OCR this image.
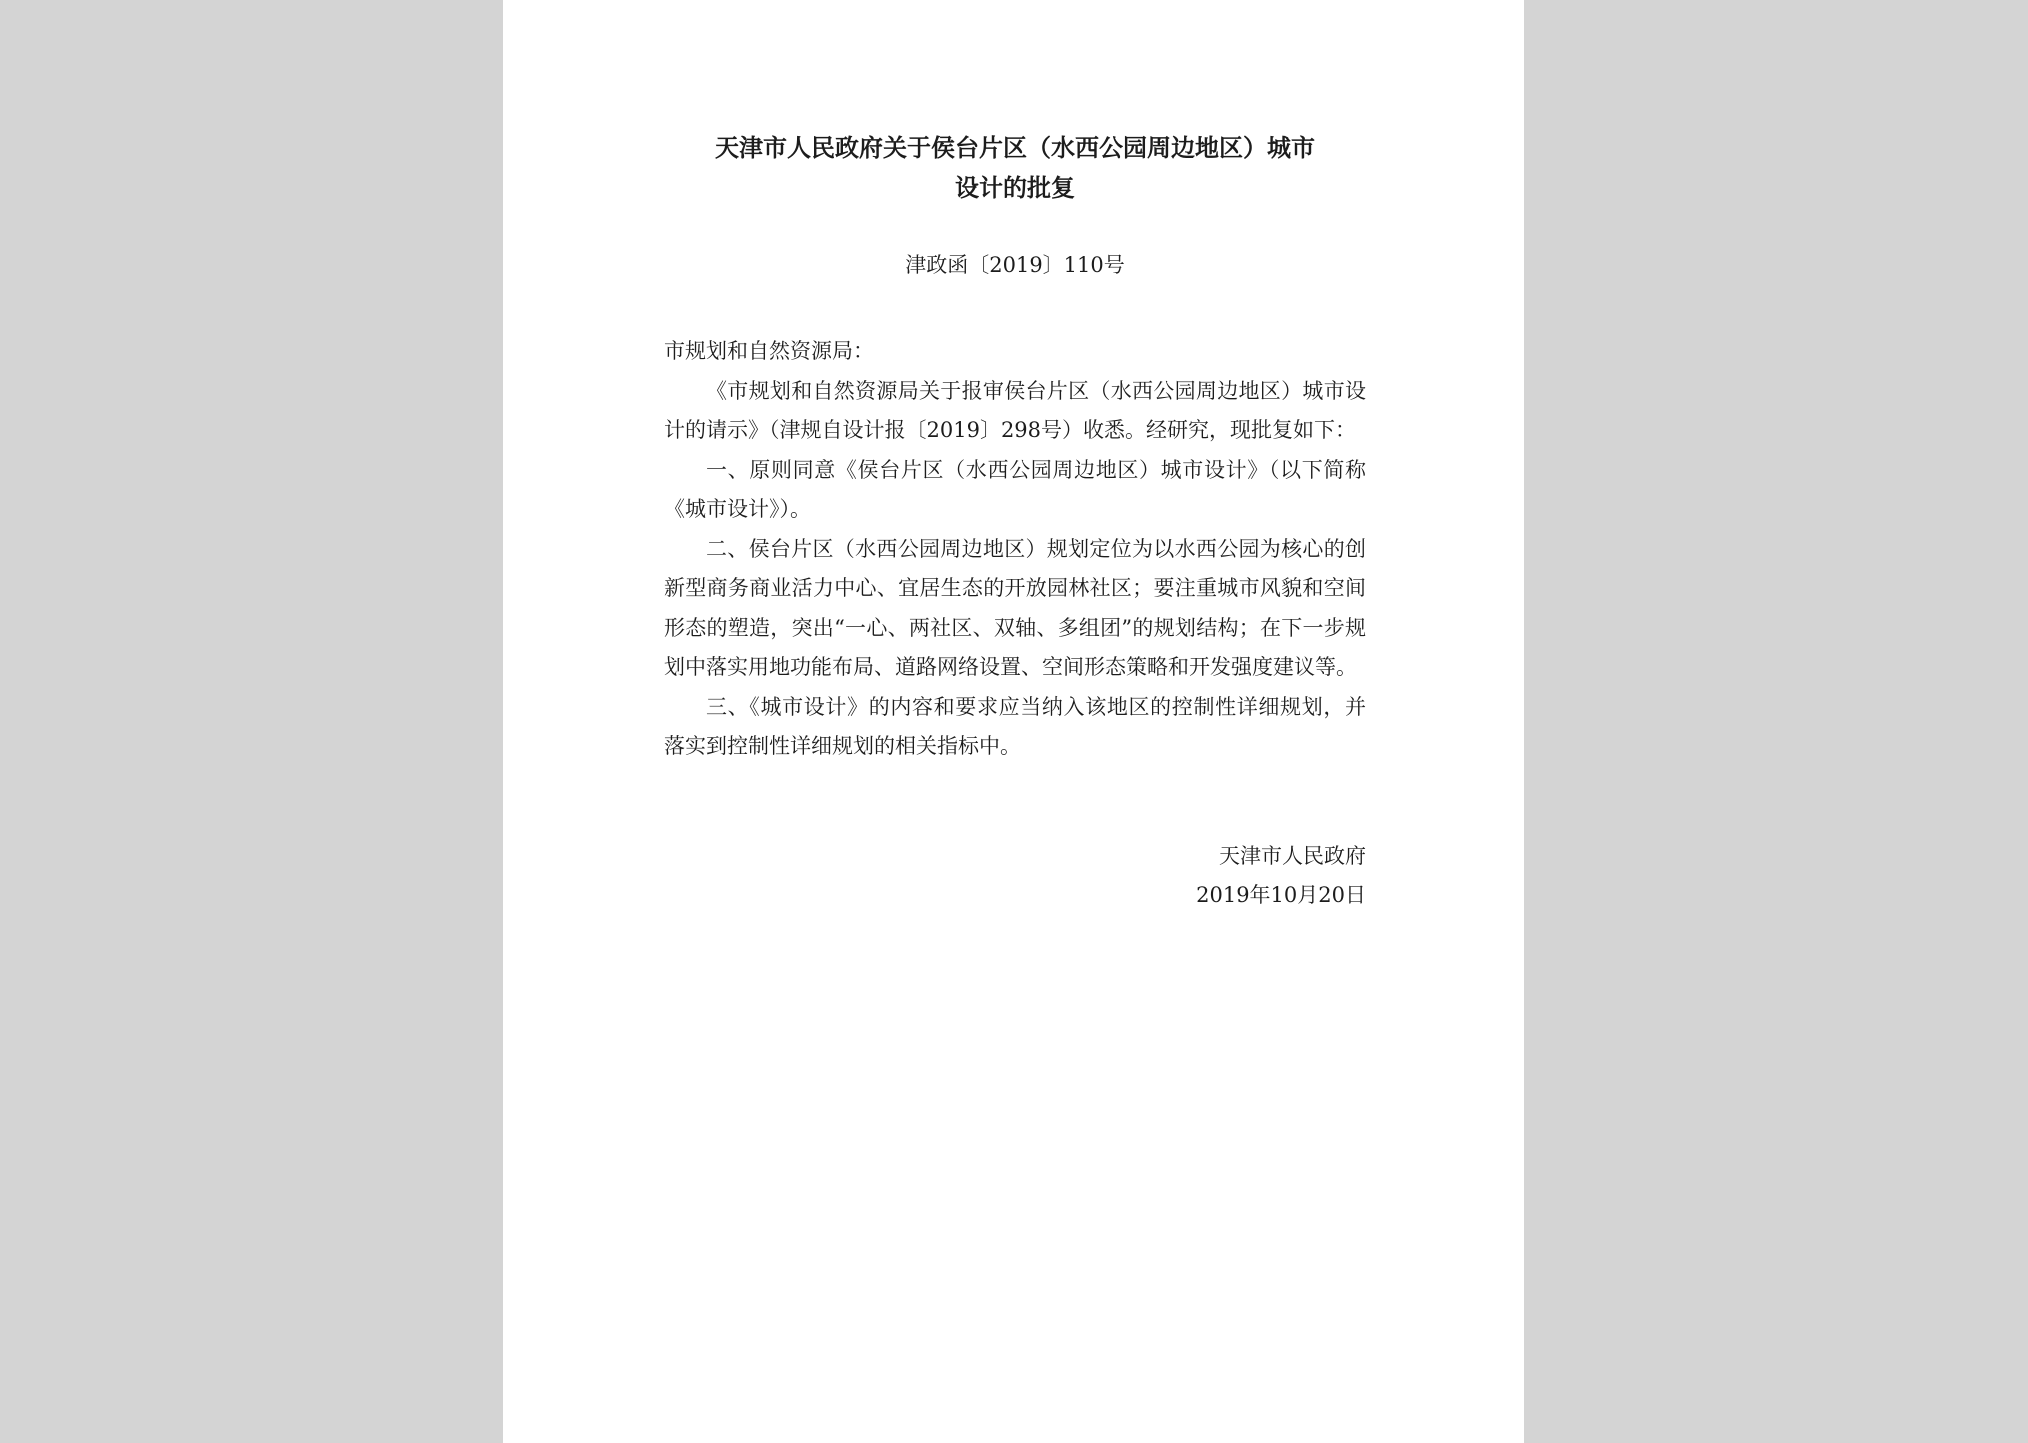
天津市人民政府关于侯台片区（水西公园周边地区）城市
设计的批复
津政函〔2019〕110号

市规划和自然资源局：

《市规划和自然资源局关于报审侯台片区（水西公园周边地区）城市设计的请示》（津规自设计报〔2019〕298号）收悉。经研究，现批复如下：

一、原则同意《侯台片区（水西公园周边地区）城市设计》（以下简称《城市设计》）。

二、侯台片区（水西公园周边地区）规划定位为以水西公园为核心的创新型商务商业活力中心、宜居生态的开放园林社区；要注重城市风貌和空间形态的塑造，突出“一心、两社区、双轴、多组团”的规划结构；在下一步规划中落实用地功能布局、道路网络设置、空间形态策略和开发强度建议等。

三、《城市设计》的内容和要求应当纳入该地区的控制性详细规划，并落实到控制性详细规划的相关指标中。

天津市人民政府
2019年10月20日
